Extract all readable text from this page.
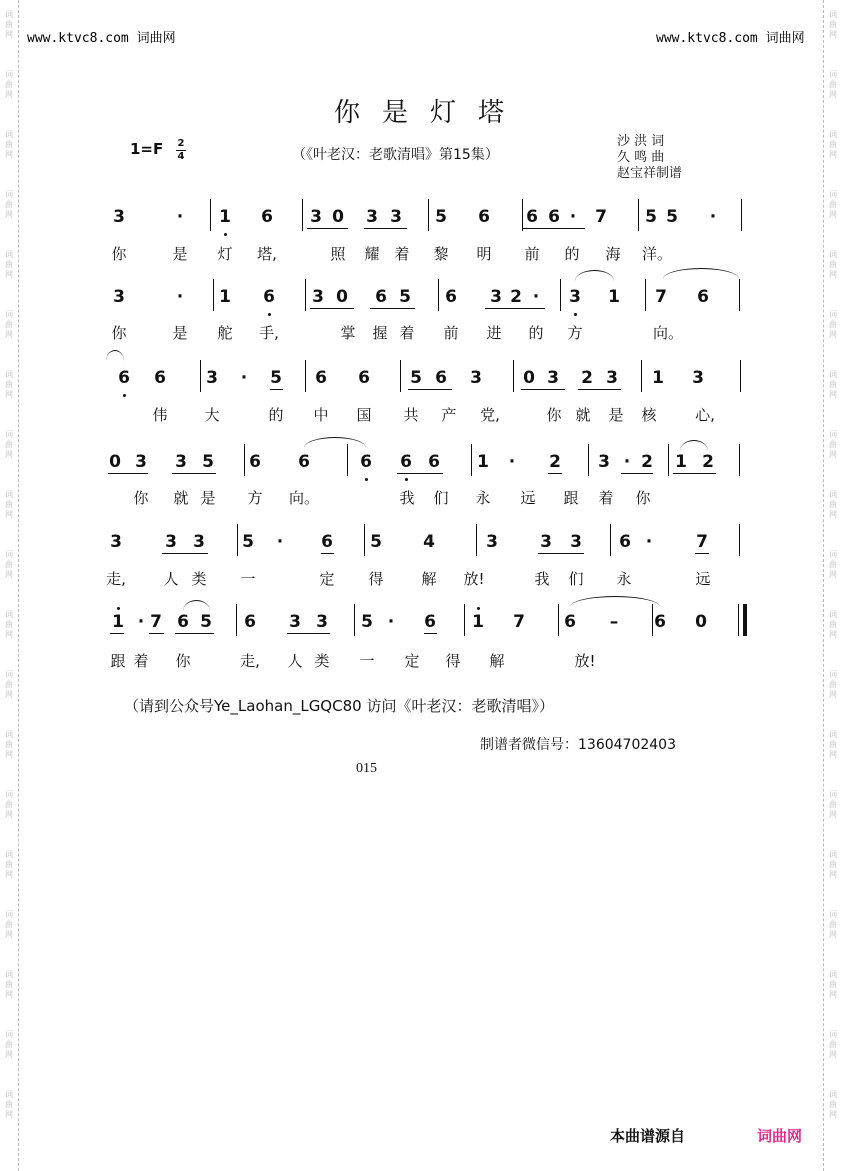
词
曲
网
词
曲
网
词
曲
网
词
曲
网
词
曲
网
词
曲
网
词
曲
网
词
曲
网
词
曲
网
词
曲
网
词
曲
网
词
曲
网
词
曲
网
词
曲
网
词
曲
网
词
曲
网
词
曲
网
词
曲
网
词
曲
网
词
曲
网
词
曲
网
词
曲
网
词
曲
网
词
曲
网
词
曲
网
词
曲
网
词
曲
网
词
曲
网
词
曲
网
词
曲
网
词
曲
网
词
曲
网
词
曲
网
词
曲
网
词
曲
网
词
曲
网
词
曲
网
词
曲
网
www.ktvc8.com 词曲网	www.ktvc8.com 词曲网
你是灯塔
1=F 2
4	（《叶老汉：老歌清唱》第15集）
沙 洪 词
久 鸣 曲
赵宝祥制谱
3	· 1 6 3 0 3 3 5 6 6 6 · 7 5 5 ·
你	是 灯 塔,	照 耀 着 黎 明 前 的 海 洋。
3	· 1 6 3 0 6 5 6 3 2 · 3 1 7 6
你	是 舵 手,	掌 握 着 前 进 的 方	向。
6 6 3 · 5 6 6 5 6 3 0 3 2 3 1 3
伟 大	的 中 国 共 产 党,	你 就 是 核	心,
0 3 3 5 6 6	6 6 6 1 · 2 3 · 2 1 2
你 就 是 方 向。	我 们 永 远 跟 着 你
3	3 3 5 · 6 5 4	3 3 3 6 ·	7
走,	人 类 一	定 得	解 放!	我 们 永	远
1 · 7 6 5 6 3 3 5 · 6 1 7 6 – 6 0
跟 着 你	走, 人 类 一 定 得 解	放!
（请到公众号Ye_Laohan_LGQC80 访问《叶老汉：老歌清唱》）
制谱者微信号：13604702403
015
本曲谱源自	词曲网
